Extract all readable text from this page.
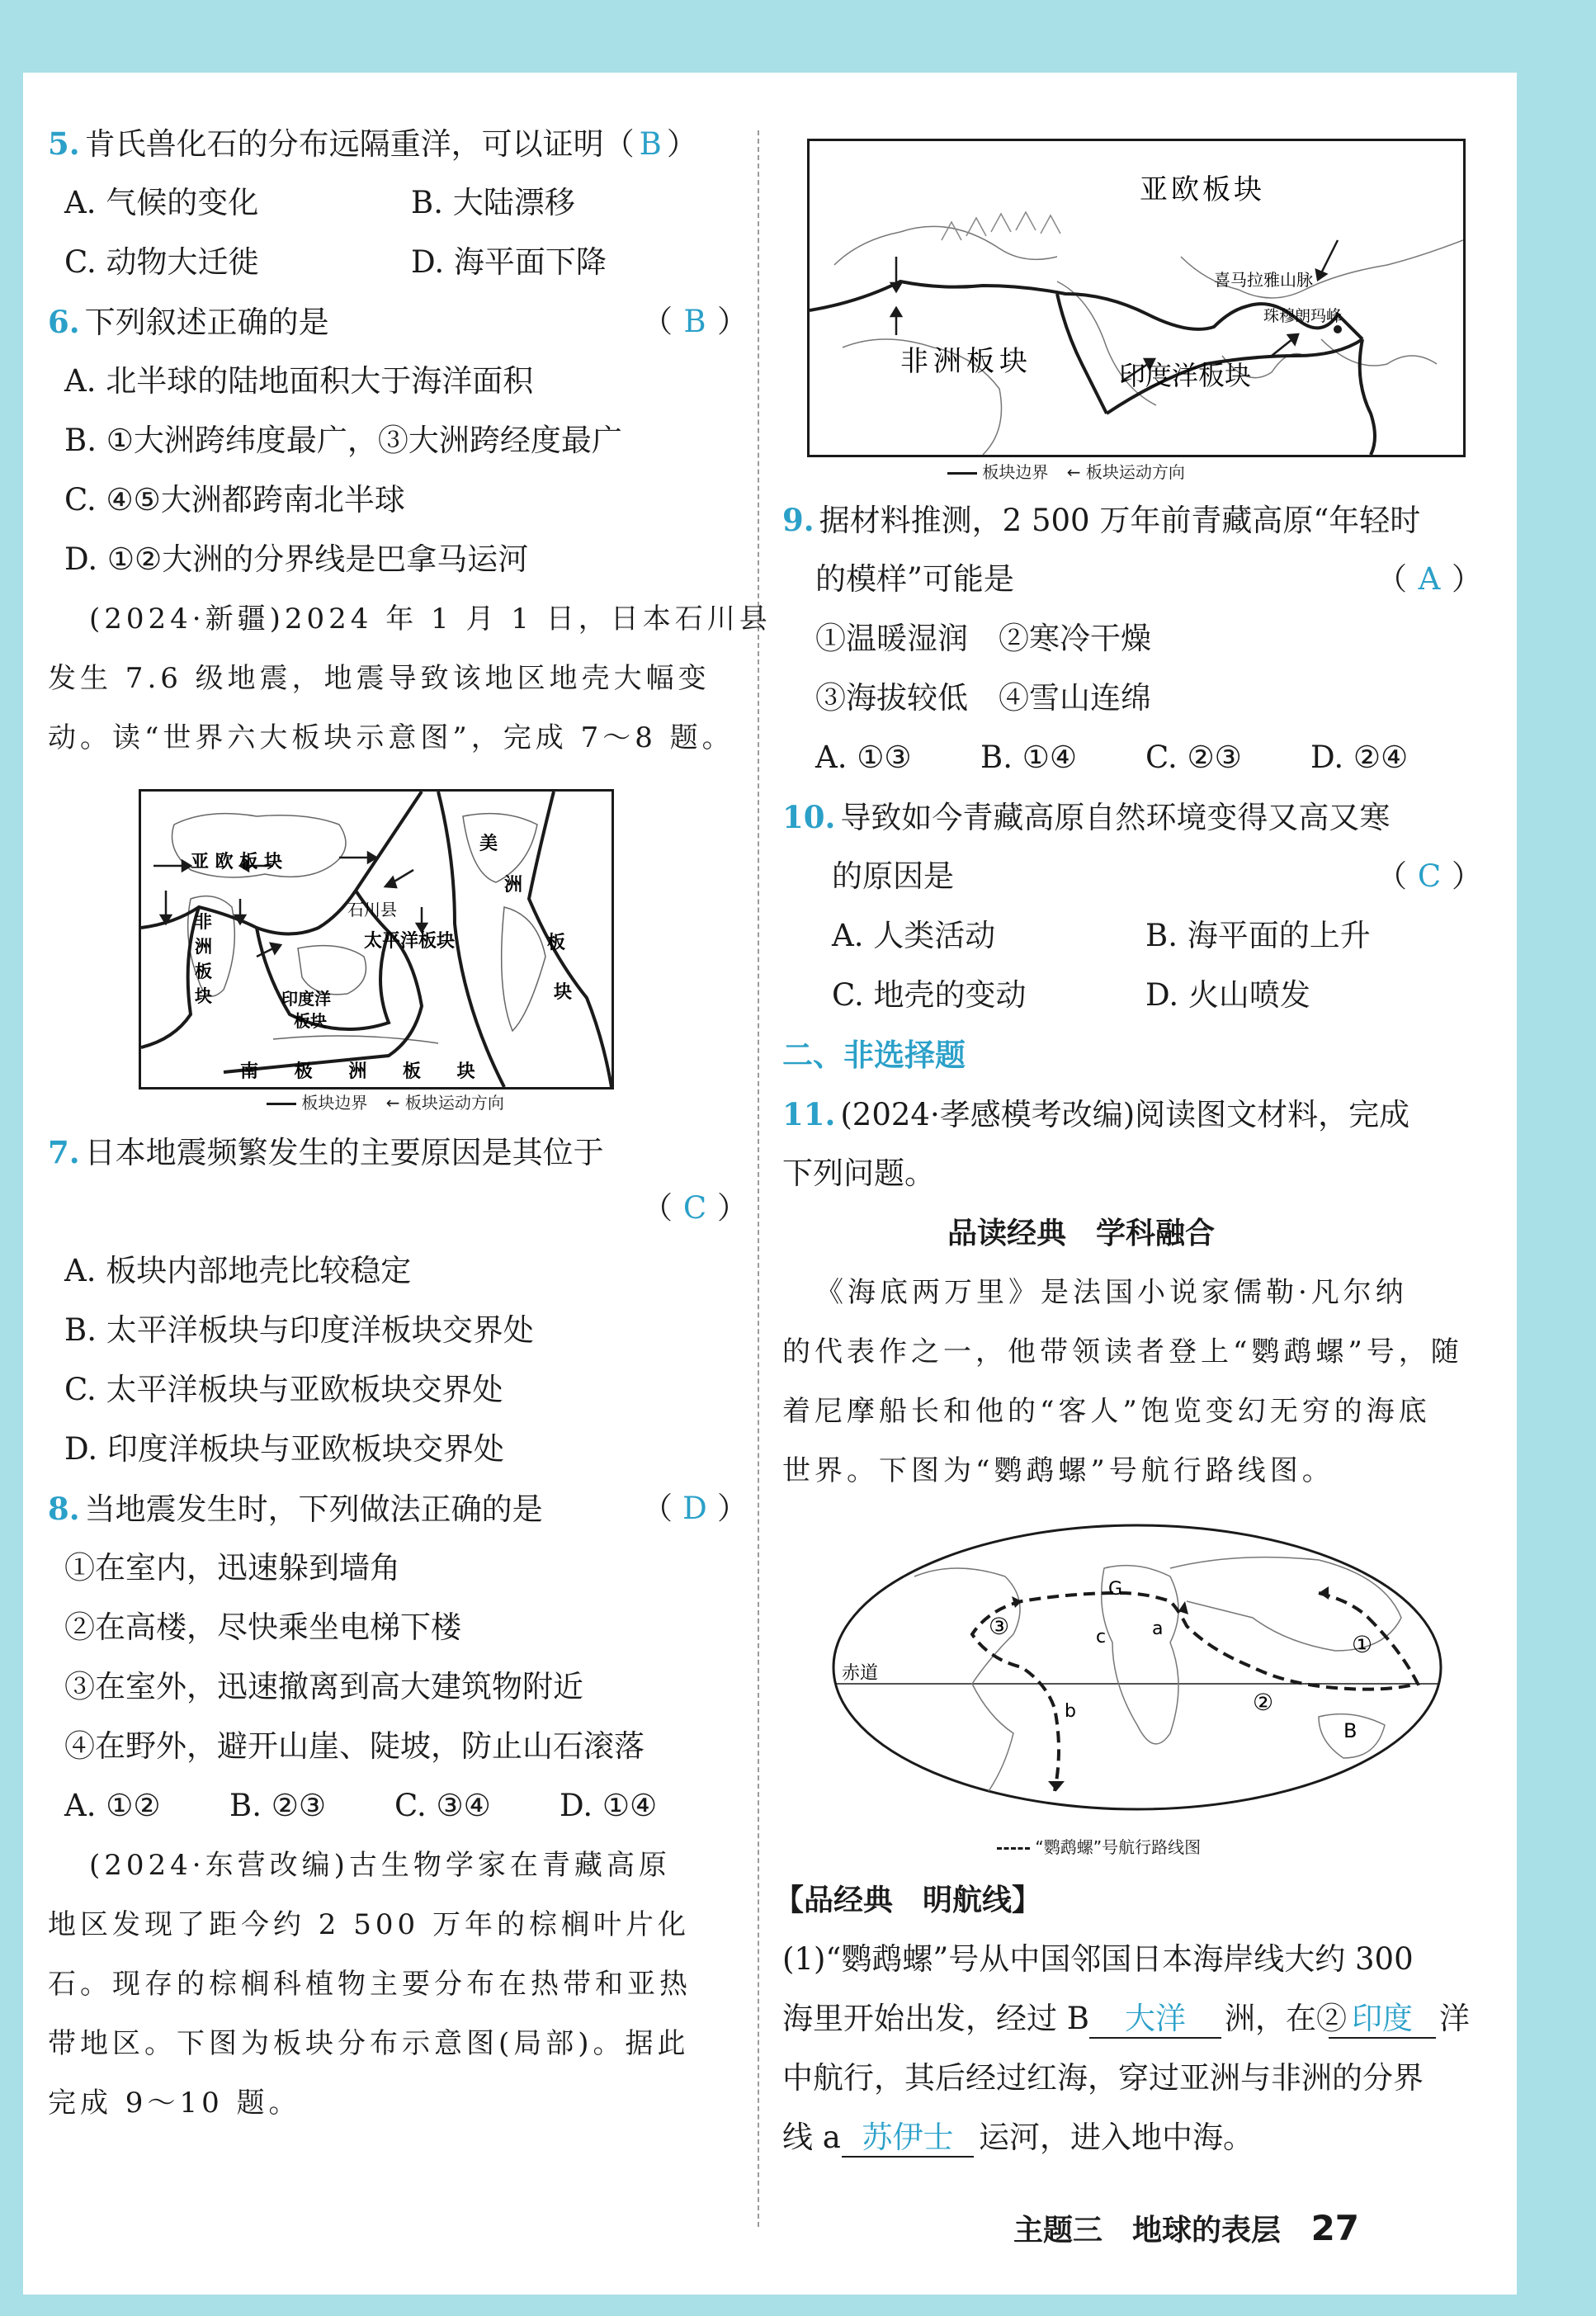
5. 肯氏兽化石的分布远隔重洋，可以证明（ B ）
A. 气候的变化	B. 大陆漂移
C. 动物大迁徙	D. 海平面下降
6. 下列叙述正确的是	（ B ）
A. 北半球的陆地面积大于海洋面积
B. ①大洲跨纬度最广，③大洲跨经度最广
C. ④⑤大洲都跨南北半球
D. ①②大洲的分界线是巴拿马运河
(2024·新疆)2024 年 1 月 1 日，日本石川县
发生 7.6 级地震，地震导致该地区地壳大幅变
动。读“世界六大板块示意图”，完成 7～8 题。
亚 欧 板 块
美
洲
板
块
非
洲
板
块
石川县
太平洋板块
印度洋
板块
南 极 洲 板 块
板块边界 ← 板块运动方向
7. 日本地震频繁发生的主要原因是其位于
（ C ）
A. 板块内部地壳比较稳定
B. 太平洋板块与印度洋板块交界处
C. 太平洋板块与亚欧板块交界处
D. 印度洋板块与亚欧板块交界处
8. 当地震发生时，下列做法正确的是	（ D ）
①在室内，迅速躲到墙角
②在高楼，尽快乘坐电梯下楼
③在室外，迅速撤离到高大建筑物附近
④在野外，避开山崖、陡坡，防止山石滚落
A. ①② B. ②③ C. ③④ D. ①④
(2024·东营改编)古生物学家在青藏高原
地区发现了距今约 2 500 万年的棕榈叶片化
石。现存的棕榈科植物主要分布在热带和亚热
带地区。下图为板块分布示意图(局部)。据此
完成 9～10 题。
亚欧板块
喜马拉雅山脉
珠穆朗玛峰
非洲板块	印度洋板块
板块边界 ← 板块运动方向
9. 据材料推测，2 500 万年前青藏高原“年轻时
的模样”可能是	（ A ）
①温暖湿润　②寒冷干燥
③海拔较低　④雪山连绵
A. ①③ B. ①④ C. ②③ D. ②④
10. 导致如今青藏高原自然环境变得又高又寒
的原因是	（ C ）
A. 人类活动	B. 海平面的上升
C. 地壳的变动	D. 火山喷发
二、非选择题
11. (2024·孝感模考改编)阅读图文材料，完成
下列问题。
品读经典　学科融合
《海底两万里》是法国小说家儒勒·凡尔纳
的代表作之一，他带领读者登上“鹦鹉螺”号，随
着尼摩船长和他的“客人”饱览变幻无穷的海底
世界。下图为“鹦鹉螺”号航行路线图。
赤道
G
a
c
b
B
①
②
③
“鹦鹉螺”号航行路线图
【品经典　明航线】
(1)“鹦鹉螺”号从中国邻国日本海岸线大约 300
海里开始出发，经过 B	大洋	洲，在② 印度 洋
中航行，其后经过红海，穿过亚洲与非洲的分界
线 a 苏伊士 运河，进入地中海。
主题三　地球的表层 27
